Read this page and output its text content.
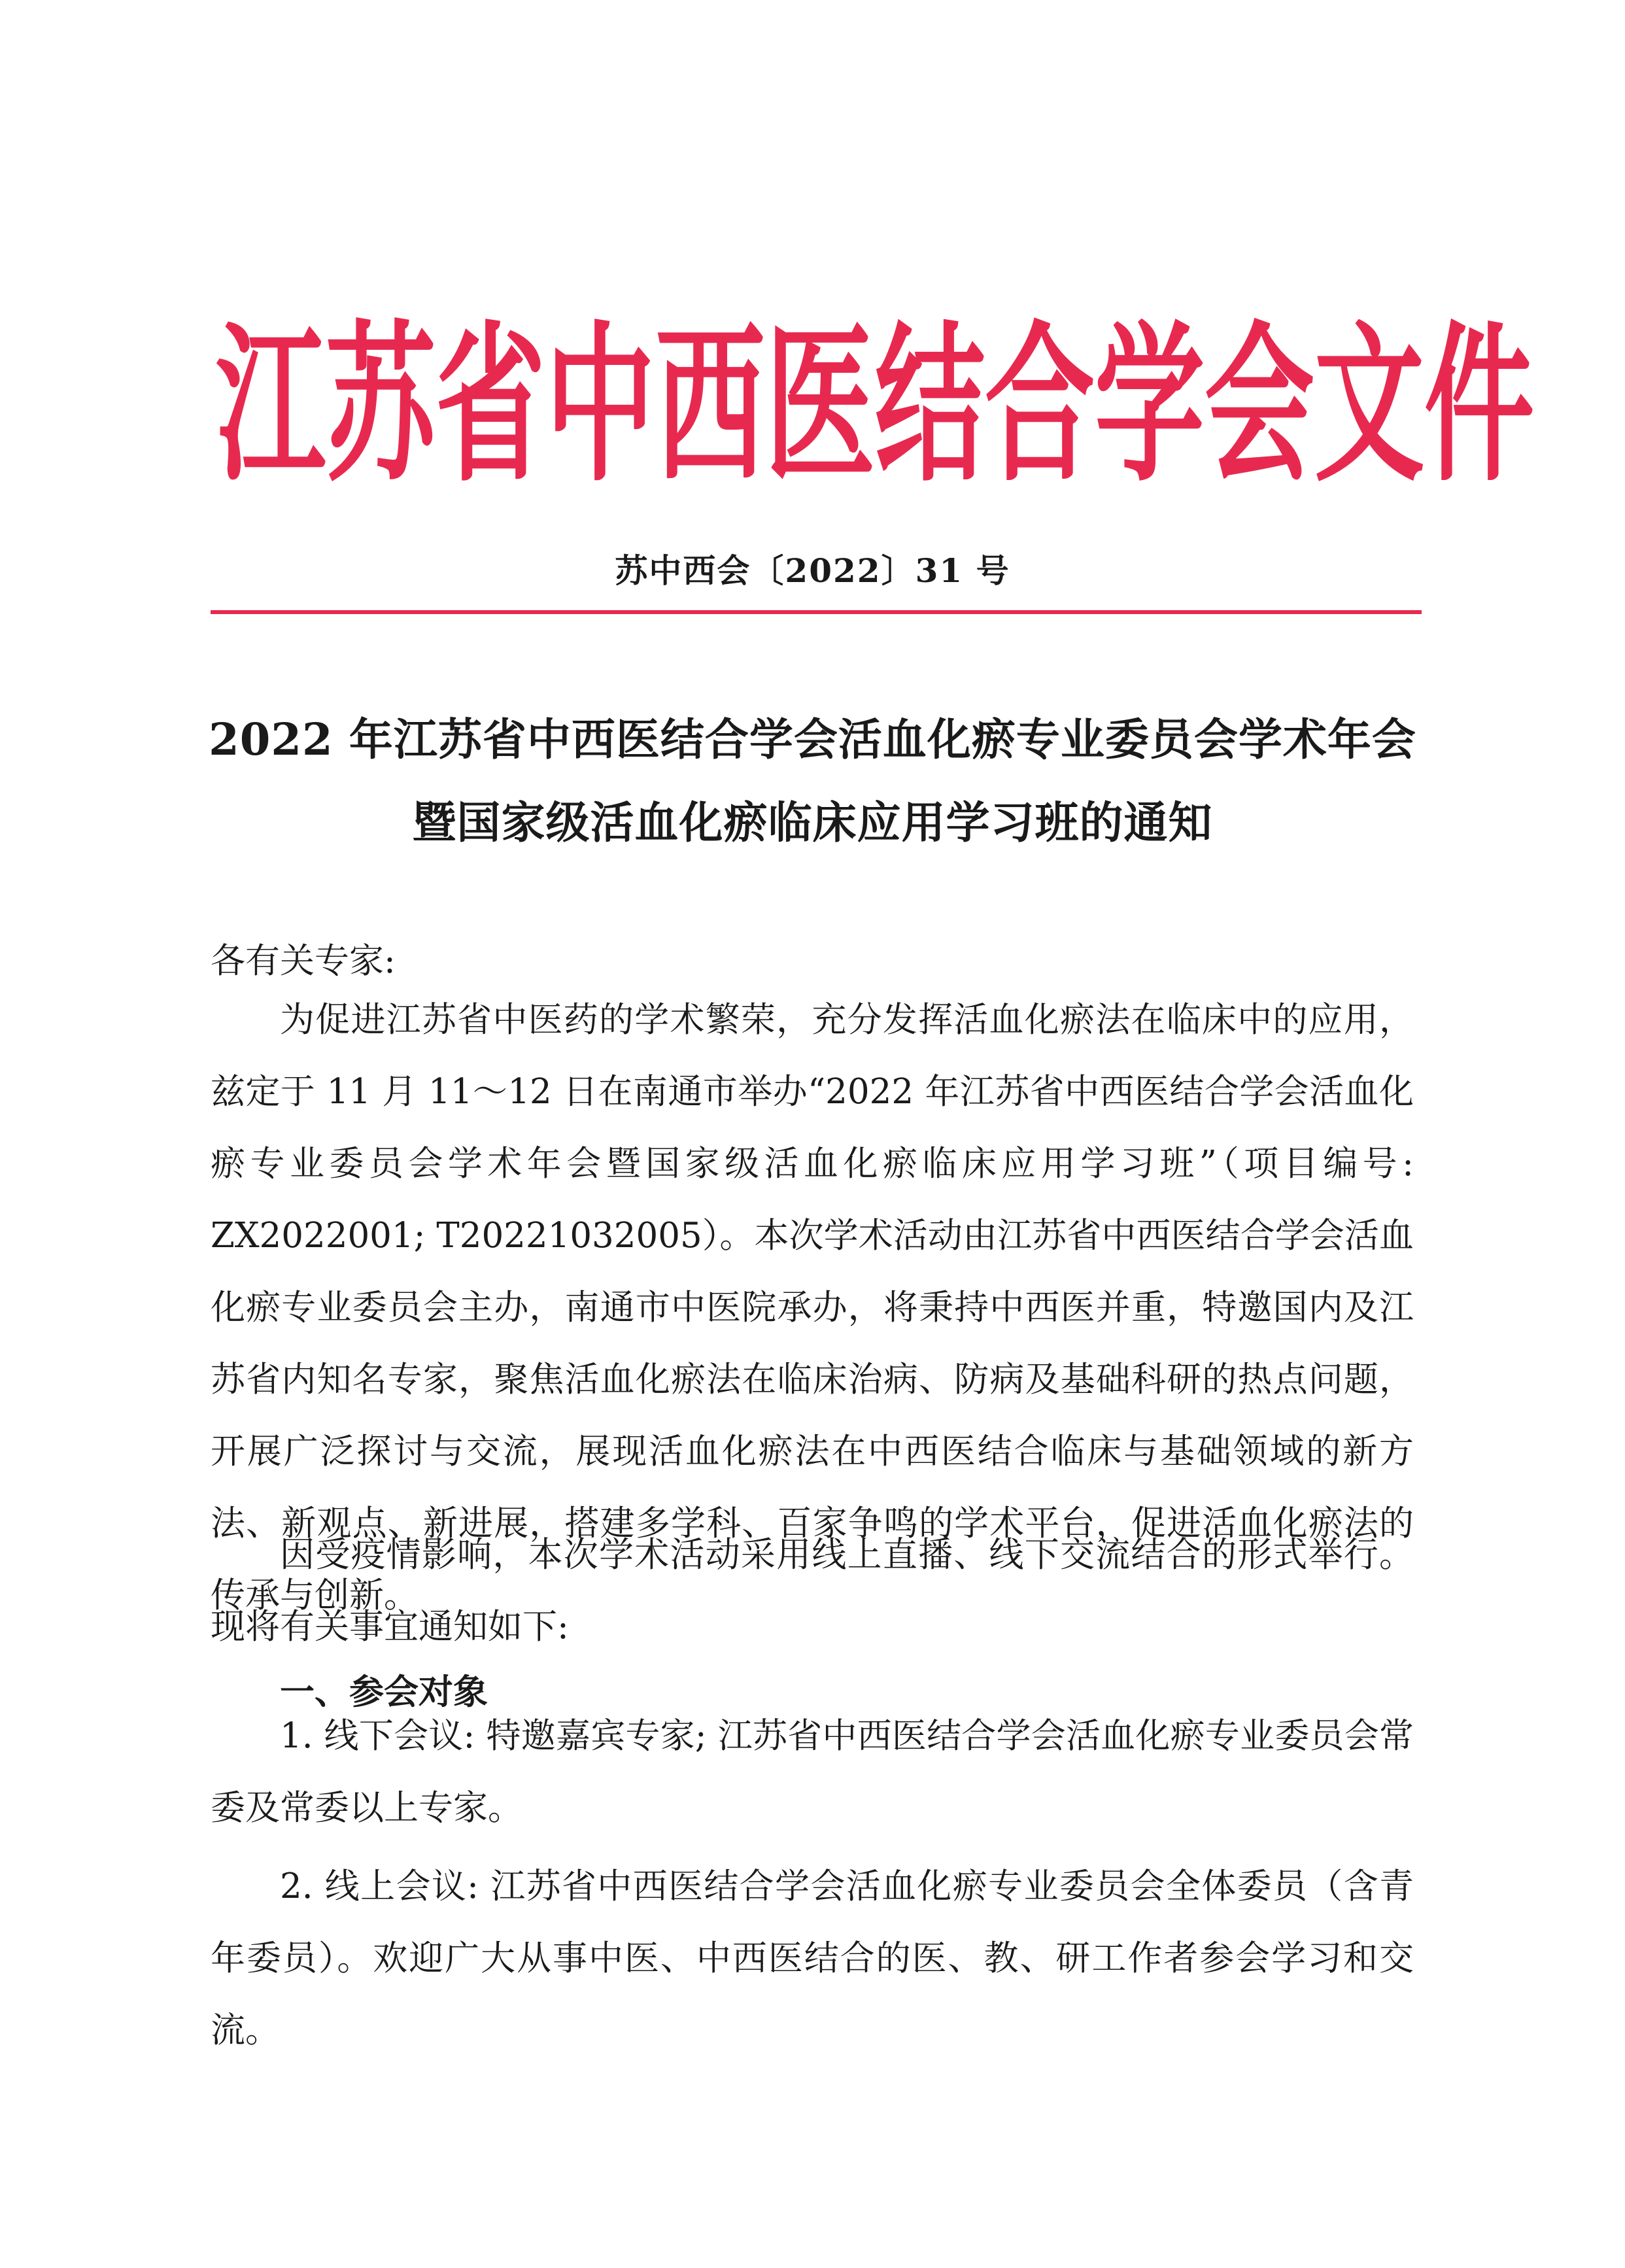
江 苏 省 中 西 医 结 合 学 会 文 件
苏中西会〔2022〕31 号
2022 年江苏省中西医结合学会活血化瘀专业委员会学术年会
暨国家级活血化瘀临床应用学习班的通知
各有关专家:

为促进江苏省中医药的学术繁荣，充分发挥活血化瘀法在临床中的应用，兹定于 11 月 11～12 日在南通市举办“2022 年江苏省中西医结合学会活血化瘀专业委员会学术年会暨国家级活血化瘀临床应用学习班”（项目编号: ZX2022001; T20221032005）。本次学术活动由江苏省中西医结合学会活血化瘀专业委员会主办，南通市中医院承办，将秉持中西医并重，特邀国内及江苏省内知名专家，聚焦活血化瘀法在临床治病、防病及基础科研的热点问题，开展广泛探讨与交流，展现活血化瘀法在中西医结合临床与基础领域的新方法、新观点、新进展，搭建多学科、百家争鸣的学术平台，促进活血化瘀法的传承与创新。

因受疫情影响，本次学术活动采用线上直播、线下交流结合的形式举行。现将有关事宜通知如下:

一、参会对象

1. 线下会议: 特邀嘉宾专家; 江苏省中西医结合学会活血化瘀专业委员会常委及常委以上专家。

2. 线上会议: 江苏省中西医结合学会活血化瘀专业委员会全体委员（含青年委员）。欢迎广大从事中医、中西医结合的医、教、研工作者参会学习和交流。
